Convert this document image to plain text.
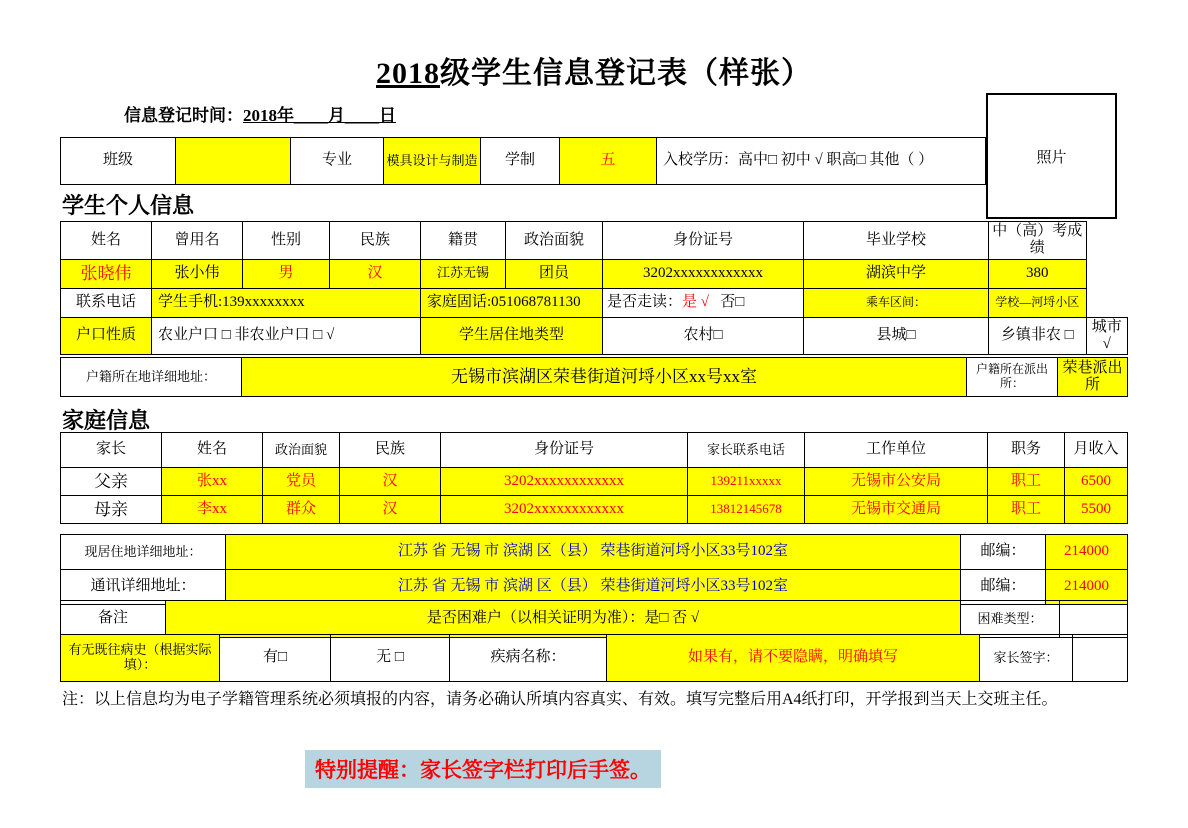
2018级学生信息登记表（样张）
信息登记时间：2018年＿＿月＿＿日
照片
班级		专业	模具设计与制造	学制	五	入校学历：高中□ 初中 √ 职高□ 其他（ ）
学生个人信息
姓名	曾用名	性别	民族	籍贯	政治面貌	身份证号	毕业学校	中（高）考成绩	
张晓伟	张小伟	男	汉	江苏无锡	团员	3202xxxxxxxxxxxx	湖滨中学	380	
联系电话	学生手机:139xxxxxxxx			家庭固话:051068781130		是否走读：是 √ 否□	乘车区间：	学校—河埒小区	
户口性质	农业户口 □ 非农业户口 □ √			学生居住地类型		农村□	县城□	乡镇非农 □	城市 √
户籍所在地详细地址：	无锡市滨湖区荣巷街道河埒小区xx号xx室	户籍所在派出所：	荣巷派出所
家庭信息
家长	姓名	政治面貌	民族	身份证号	家长联系电话	工作单位	职务	月收入
父亲	张xx	党员	汉	3202xxxxxxxxxxxx	139211xxxxx	无锡市公安局	职工	6500
母亲	李xx	群众	汉	3202xxxxxxxxxxxx	13812145678	无锡市交通局	职工	5500
现居住地详细地址：	江苏 省 无锡 市 滨湖 区（县） 荣巷街道河埒小区33号102室	邮编：	214000
通讯详细地址：	江苏 省 无锡 市 滨湖 区（县） 荣巷街道河埒小区33号102室	邮编：	214000
备注	是否困难户（以相关证明为准）：是□ 否 √	困难类型：	
有无既往病史（根据实际填）：	有□	无 □	疾病名称：	如果有，请不要隐瞒，明确填写	家长签字：	
注：以上信息均为电子学籍管理系统必须填报的内容，请务必确认所填内容真实、有效。填写完整后用A4纸打印，开学报到当天上交班主任。
特别提醒：家长签字栏打印后手签。
